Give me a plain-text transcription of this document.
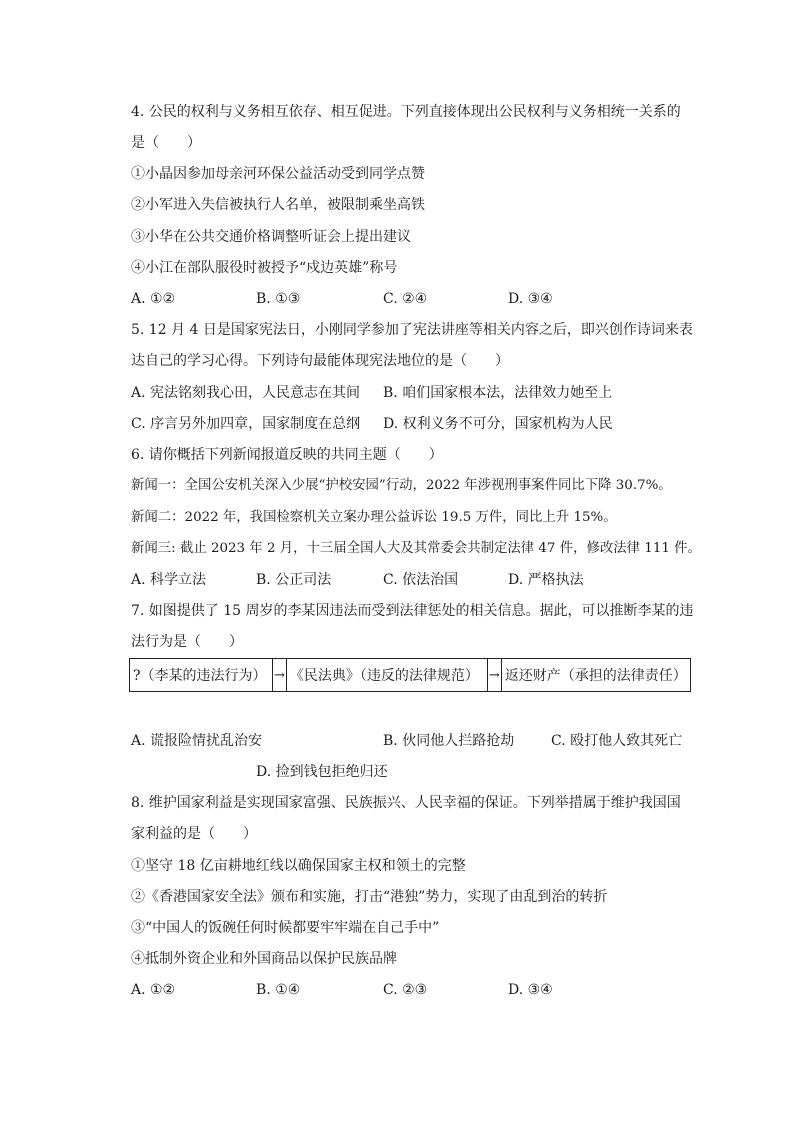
4. 公民的权利与义务相互依存、相互促进。下列直接体现出公民权利与义务相统一关系的
是（　　）
①小晶因参加母亲河环保公益活动受到同学点赞
②小军进入失信被执行人名单，被限制乘坐高铁
③小华在公共交通价格调整听证会上提出建议
④小江在部队服役时被授予“戍边英雄”称号
A. ①②	B. ①③	C. ②④	D. ③④
5. 12 月 4 日是国家宪法日，小刚同学参加了宪法讲座等相关内容之后，即兴创作诗词来表
达自己的学习心得。下列诗句最能体现宪法地位的是（　　）
A. 宪法铭刻我心田，人民意志在其间 B. 咱们国家根本法，法律效力她至上
C. 序言另外加四章，国家制度在总纲 D. 权利义务不可分，国家机构为人民
6. 请你概括下列新闻报道反映的共同主题（　　）
新闻一：全国公安机关深入少展“护校安园”行动，2022 年涉视刑事案件同比下降 30.7%。
新闻二：2022 年，我国检察机关立案办理公益诉讼 19.5 万件，同比上升 15%。
新闻三: 截止 2023 年 2 月，十三届全国人大及其常委会共制定法律 47 件，修改法律 111 件。
A. 科学立法	B. 公正司法	C. 依法治国	D. 严格执法
7. 如图提供了 15 周岁的李某因违法而受到法律惩处的相关信息。据此，可以推断李某的违
法行为是（　　）
?（李某的违法行为） → 《民法典》（违反的法律规范） → 返还财产（承担的法律责任）
A. 谎报险情扰乱治安	B. 伙同他人拦路抢劫	C. 殴打他人致其死亡
D. 捡到钱包拒绝归还
8. 维护国家利益是实现国家富强、民族振兴、人民幸福的保证。下列举措属于维护我国国
家利益的是（　　）
①坚守 18 亿亩耕地红线以确保国家主权和领土的完整
②《香港国家安全法》颁布和实施，打击“港独”势力，实现了由乱到治的转折
③“中国人的饭碗任何时候都要牢牢端在自己手中”
④抵制外资企业和外国商品以保护民族品牌
A. ①②	B. ①④	C. ②③	D. ③④
